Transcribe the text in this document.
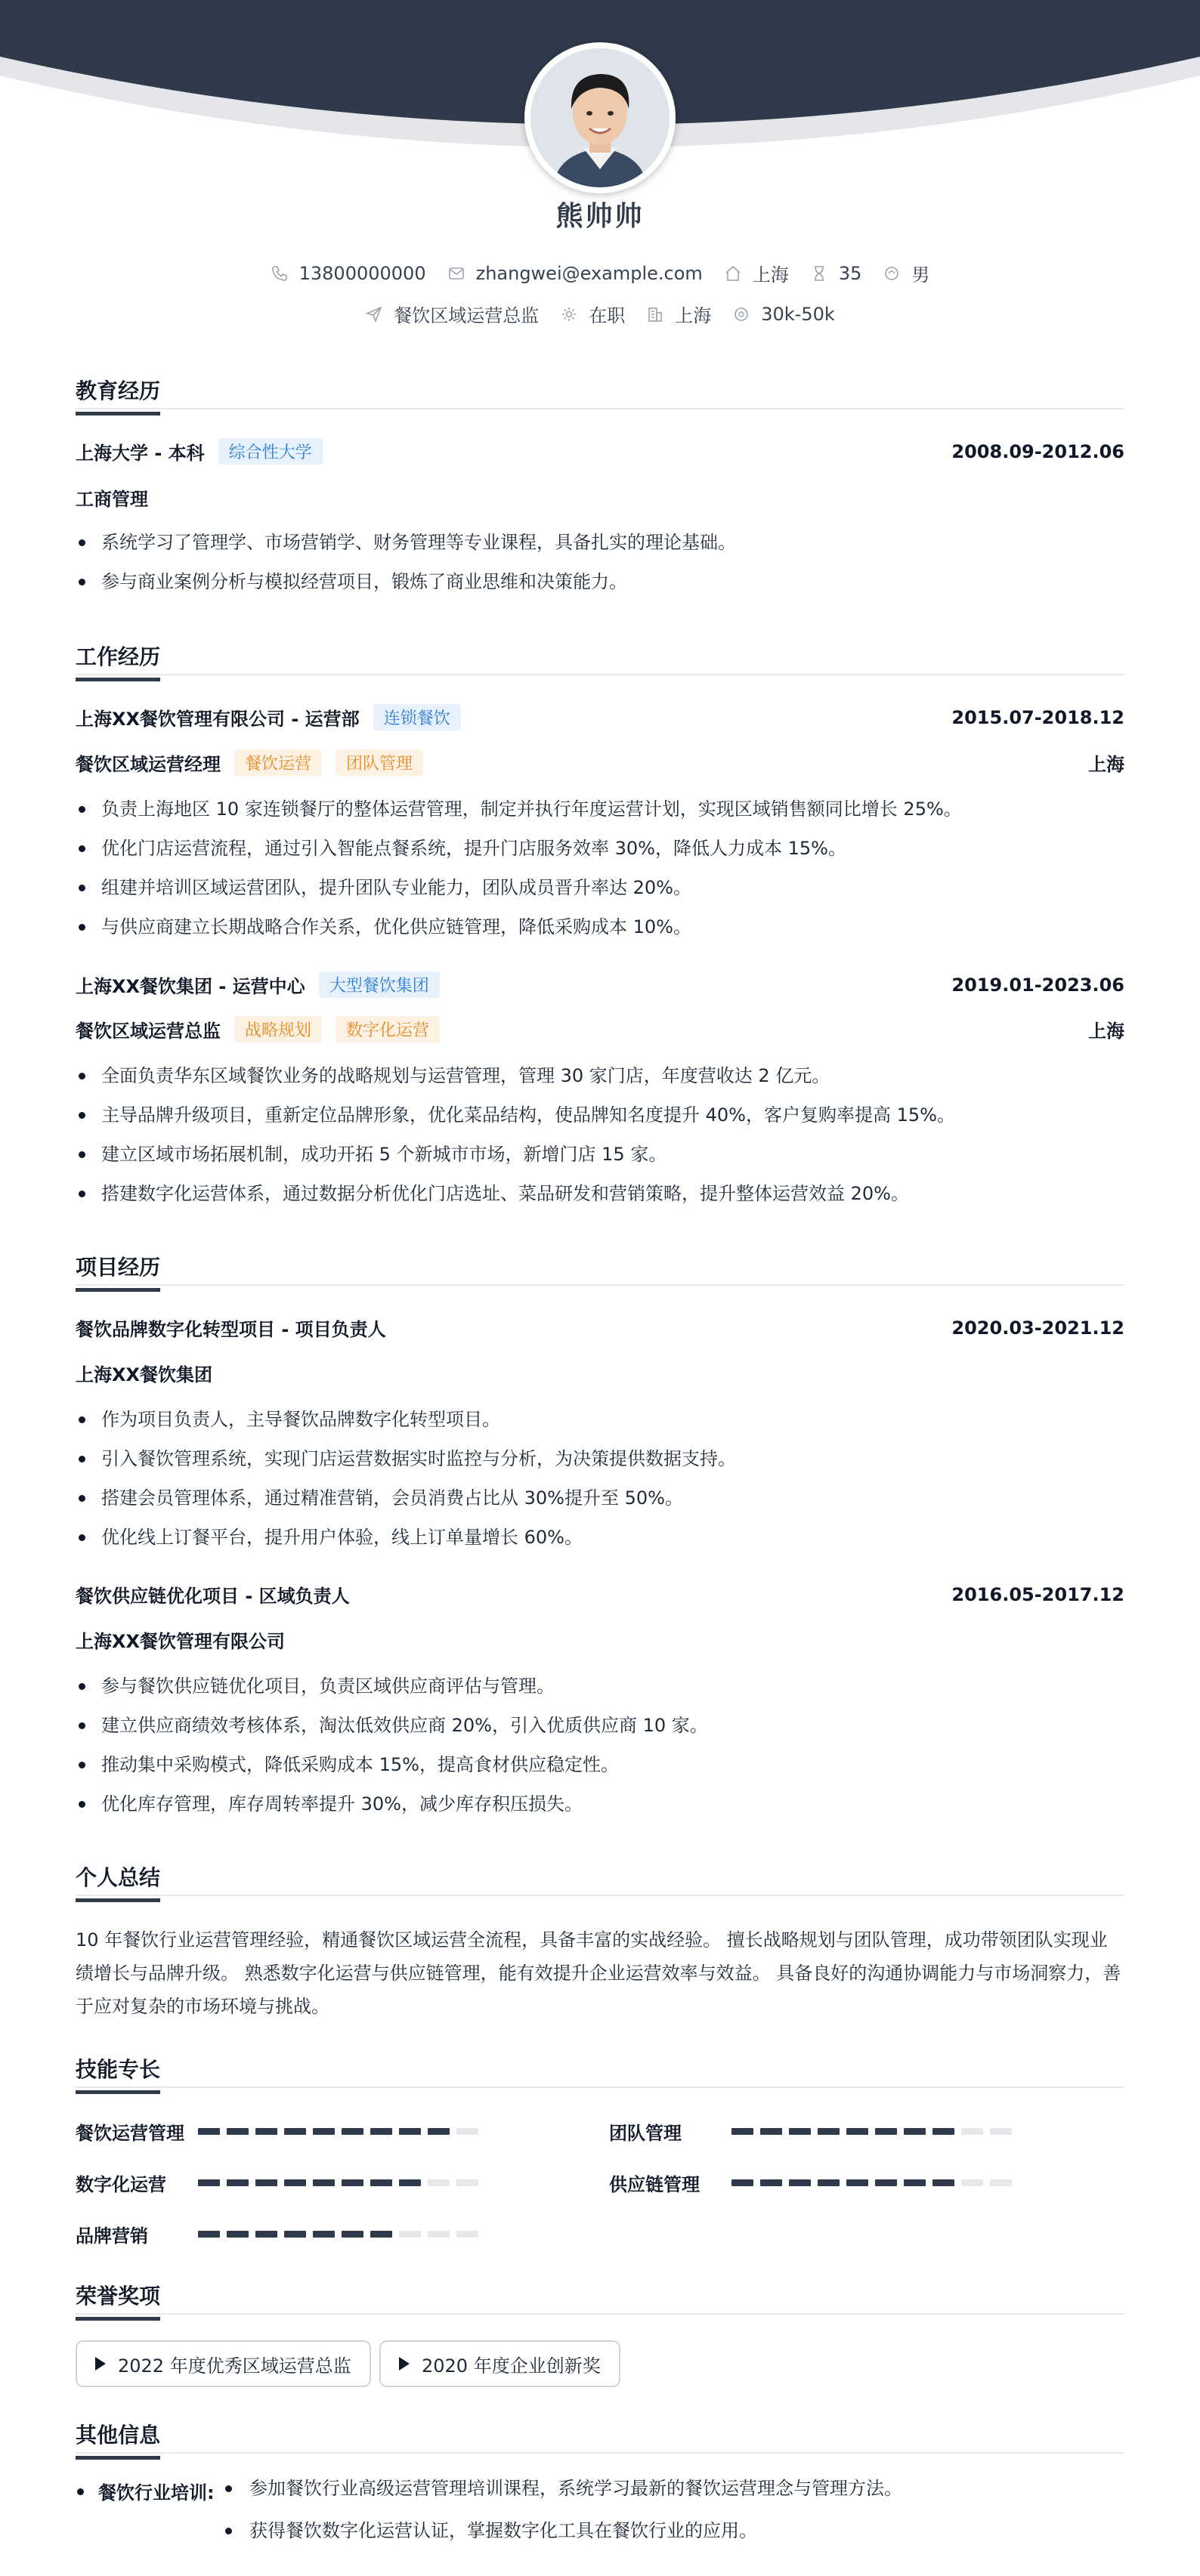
熊帅帅
13800000000	zhangwei@example.com	上海	35	男
餐饮区域运营总监	在职	上海	30k-50k
教育经历
上海大学 - 本科	综合性大学	2008.09-2012.06
工商管理
系统学习了管理学、市场营销学、财务管理等专业课程，具备扎实的理论基础。
参与商业案例分析与模拟经营项目，锻炼了商业思维和决策能力。
工作经历
上海XX餐饮管理有限公司 - 运营部	连锁餐饮	2015.07-2018.12
餐饮区域运营经理	餐饮运营	团队管理	上海
负责上海地区 10 家连锁餐厅的整体运营管理，制定并执行年度运营计划，实现区域销售额同比增长 25%。
优化门店运营流程，通过引入智能点餐系统，提升门店服务效率 30%，降低人力成本 15%。
组建并培训区域运营团队，提升团队专业能力，团队成员晋升率达 20%。
与供应商建立长期战略合作关系，优化供应链管理，降低采购成本 10%。
上海XX餐饮集团 - 运营中心	大型餐饮集团	2019.01-2023.06
餐饮区域运营总监	战略规划	数字化运营	上海
全面负责华东区域餐饮业务的战略规划与运营管理，管理 30 家门店，年度营收达 2 亿元。
主导品牌升级项目，重新定位品牌形象，优化菜品结构，使品牌知名度提升 40%，客户复购率提高 15%。
建立区域市场拓展机制，成功开拓 5 个新城市市场，新增门店 15 家。
搭建数字化运营体系，通过数据分析优化门店选址、菜品研发和营销策略，提升整体运营效益 20%。
项目经历
餐饮品牌数字化转型项目 - 项目负责人	2020.03-2021.12
上海XX餐饮集团
作为项目负责人，主导餐饮品牌数字化转型项目。
引入餐饮管理系统，实现门店运营数据实时监控与分析，为决策提供数据支持。
搭建会员管理体系，通过精准营销，会员消费占比从 30%提升至 50%。
优化线上订餐平台，提升用户体验，线上订单量增长 60%。
餐饮供应链优化项目 - 区域负责人	2016.05-2017.12
上海XX餐饮管理有限公司
参与餐饮供应链优化项目，负责区域供应商评估与管理。
建立供应商绩效考核体系，淘汰低效供应商 20%，引入优质供应商 10 家。
推动集中采购模式，降低采购成本 15%，提高食材供应稳定性。
优化库存管理，库存周转率提升 30%，减少库存积压损失。
个人总结
10 年餐饮行业运营管理经验，精通餐饮区域运营全流程，具备丰富的实战经验。 擅长战略规划与团队管理，成功带领团队实现业绩增长与品牌升级。 熟悉数字化运营与供应链管理，能有效提升企业运营效率与效益。 具备良好的沟通协调能力与市场洞察力，善于应对复杂的市场环境与挑战。
技能专长
餐饮运营管理	团队管理
数字化运营	供应链管理
品牌营销
荣誉奖项
2022 年度优秀区域运营总监	2020 年度企业创新奖
其他信息
餐饮行业培训:	参加餐饮行业高级运营管理培训课程，系统学习最新的餐饮运营理念与管理方法。
获得餐饮数字化运营认证，掌握数字化工具在餐饮行业的应用。
